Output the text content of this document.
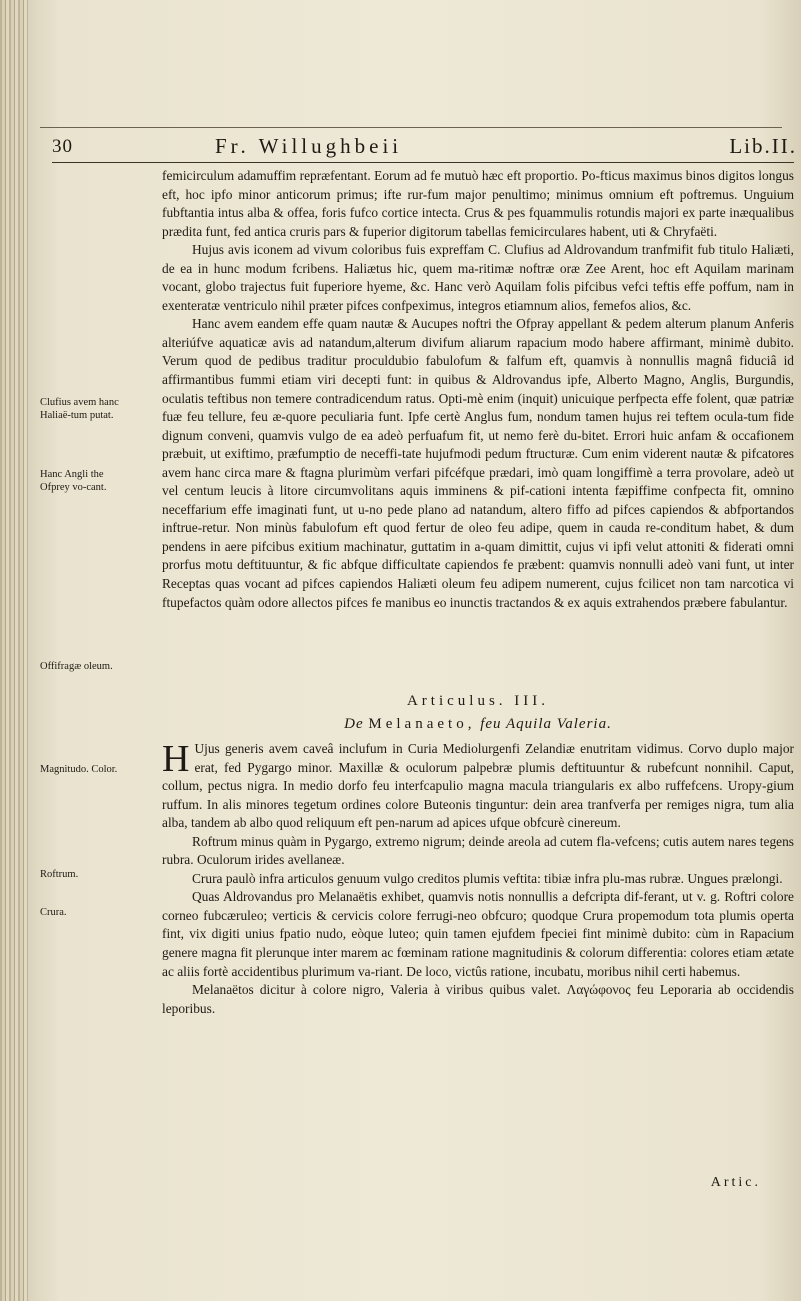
30	Fr. Willughbeii	Lib.II.
Clufius avem hanc Haliaë-tum putat.
Hanc Angli the Ofprey vo-cant.
Offifragæ oleum.
Magnitudo. Color.
Roftrum.
Crura.

femicirculum adamuffim repræfentant. Eorum ad fe mutuò hæc eft proportio. Po-fticus maximus binos digitos longus eft, hoc ipfo minor anticorum primus; ifte rur-fum major penultimo; minimus omnium eft poftremus. Unguium fubftantia intus alba & offea, foris fufco cortice intecta. Crus & pes fquammulis rotundis majori ex parte inæqualibus prædita funt, fed antica cruris pars & fuperior digitorum tabellas femicirculares habent, uti & Chryfaëti.

Hujus avis iconem ad vivum coloribus fuis expreffam C. Clufius ad Aldrovandum tranfmifit fub titulo Haliæti, de ea in hunc modum fcribens. Haliætus hic, quem ma-ritimæ noftræ oræ Zee Arent, hoc eft Aquilam marinam vocant, globo trajectus fuit fuperiore hyeme, &c. Hanc verò Aquilam folis pifcibus vefci teftis effe poffum, nam in exenteratæ ventriculo nihil præter pifces confpeximus, integros etiamnum alios, femefos alios, &c.

Hanc avem eandem effe quam nautæ & Aucupes noftri the Ofpray appellant & pedem alterum planum Anferis alteriúfve aquaticæ avis ad natandum,alterum divifum aliarum rapacium modo habere affirmant, minimè dubito. Verum quod de pedibus traditur proculdubio fabulofum & falfum eft, quamvis à nonnullis magnâ fiduciâ id affirmantibus fummi etiam viri decepti funt: in quibus & Aldrovandus ipfe, Alberto Magno, Anglis, Burgundis, oculatis teftibus non temere contradicendum ratus. Opti-mè enim (inquit) unicuique perfpecta effe folent, quæ patriæ fuæ feu tellure, feu æ-quore peculiaria funt. Ipfe certè Anglus fum, nondum tamen hujus rei teftem ocula-tum fide dignum conveni, quamvis vulgo de ea adeò perfuafum fit, ut nemo ferè du-bitet. Errori huic anfam & occafionem præbuit, ut exiftimo, præfumptio de neceffi-tate hujufmodi pedum ftructuræ. Cum enim viderent nautæ & pifcatores avem hanc circa mare & ftagna plurimùm verfari pifcéfque prædari, imò quam longiffimè a terra provolare, adeò ut vel centum leucis à litore circumvolitans aquis imminens & pif-cationi intenta fæpiffime confpecta fit, omnino neceffarium effe imaginati funt, ut u-no pede plano ad natandum, altero fiffo ad pifces capiendos & abfportandos inftrue-retur. Non minùs fabulofum eft quod fertur de oleo feu adipe, quem in cauda re-conditum habet, & dum pendens in aere pifcibus exitium machinatur, guttatim in a-quam dimittit, cujus vi ipfi velut attoniti & fiderati omni prorfus motu deftituuntur, & fic abfque difficultate capiendos fe præbent: quamvis nonnulli adeò vani funt, ut inter Receptas quas vocant ad pifces capiendos Haliæti oleum feu adipem numerent, cujus fcilicet non tam narcotica vi ftupefactos quàm odore allectos pifces fe manibus eo inunctis tractandos & ex aquis extrahendos præbere fabulantur.

Articulus. III.
De Melanaeto, feu Aquila Valeria.

H Ujus generis avem caveâ inclufum in Curia Mediolurgenfi Zelandiæ enutritam vidimus. Corvo duplo major erat, fed Pygargo minor. Maxillæ & oculorum palpebræ plumis deftituuntur & rubefcunt nonnihil. Caput, collum, pectus nigra. In medio dorfo feu interfcapulio magna macula triangularis ex albo ruffefcens. Uropy-gium ruffum. In alis minores tegetum ordines colore Buteonis tinguntur: dein area tranfverfa per remiges nigra, tum alia alba, tandem ab albo quod reliquum eft pen-narum ad apices ufque obfcurè cinereum.

Roftrum minus quàm in Pygargo, extremo nigrum; deinde areola ad cutem fla-vefcens; cutis autem nares tegens rubra. Oculorum irides avellaneæ.

Crura paulò infra articulos genuum vulgo creditos plumis veftita: tibiæ infra plu-mas rubræ. Ungues prælongi.

Quas Aldrovandus pro Melanaëtis exhibet, quamvis notis nonnullis a defcripta dif-ferant, ut v. g. Roftri colore corneo fubcæruleo; verticis & cervicis colore ferrugi-neo obfcuro; quodque Crura propemodum tota plumis operta fint, vix digiti unius fpatio nudo, eòque luteo; quin tamen ejufdem fpeciei fint minimè dubito: cùm in Rapacium genere magna fit plerunque inter marem ac fœminam ratione magnitudinis & colorum differentia: colores etiam ætate ac aliis fortè accidentibus plurimum va-riant. De loco, victûs ratione, incubatu, moribus nihil certi habemus.

Melanaëtos dicitur à colore nigro, Valeria à viribus quibus valet. Λαγώφονος feu Leporaria ab occidendis leporibus.

Artic.
